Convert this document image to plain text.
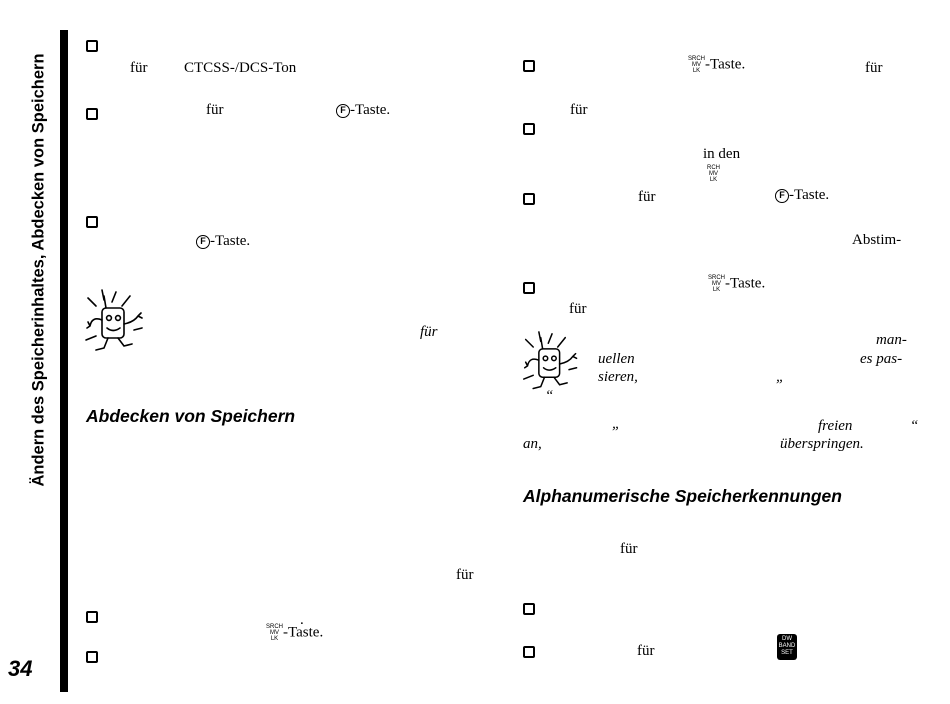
Ändern des Speicherinhaltes, Abdecken von Speichern
34
für CTCSS-/DCS-Ton
für	F -Taste.
F -Taste.
für
Abdecken von Speichern
für
.
SRCH
MV
LK -Taste.
SRCH
MV
LK -Taste.	für
für
in den
RCH
MV
LK
für	F -Taste.
Abstim-
SRCH
MV
LK -Taste.
für
man-
uellen	es pas-
sieren,	„
“
„	freien	“
an,	überspringen.
Alphanumerische Speicherkennungen
für
für
DW
BAND
SET
